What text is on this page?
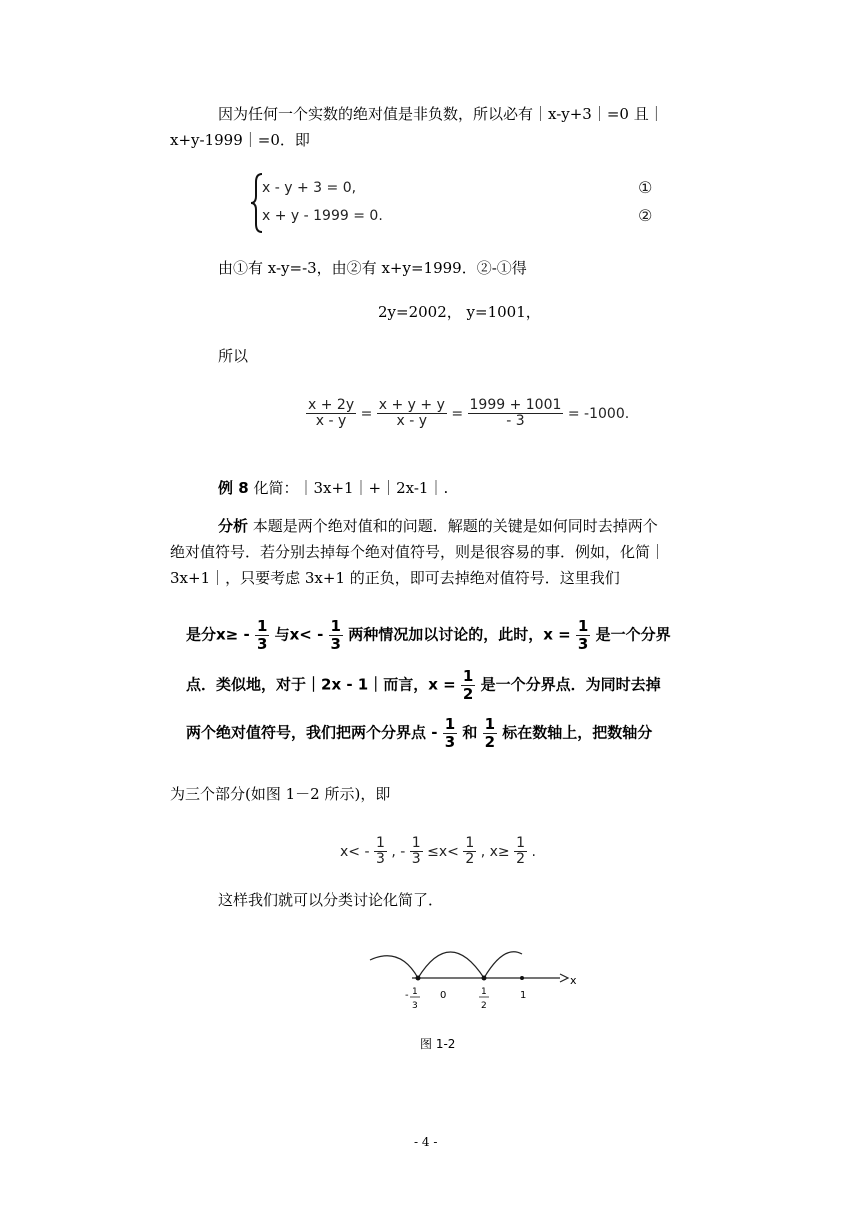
因为任何一个实数的绝对值是非负数，所以必有｜x-y+3｜=0 且｜
x+y-1999｜=0．即
x - y + 3 = 0,
x + y - 1999 = 0.
①
②
由①有 x-y=-3，由②有 x+y=1999．②-①得
2y=2002， y=1001，
所以
$\frac{x + 2y}{x - y} = \frac{x + y + y}{x - y} = \frac{1999 + 1001}{- 3} = -1000$.
例 8 化简：｜3x+1｜+｜2x-1｜.
分析 本题是两个绝对值和的问题．解题的关键是如何同时去掉两个
绝对值符号．若分别去掉每个绝对值符号，则是很容易的事．例如，化简｜
3x+1｜，只要考虑 3x+1 的正负，即可去掉绝对值符号．这里我们
是分$x\ge - \frac{1}{3}$ 与$x< - \frac{1}{3}$ 两种情况加以讨论的，此时，$x = \frac{1}{3}$ 是一个分界
点．类似地，对于｜2x - 1｜而言，$x = \frac{1}{2}$ 是一个分界点．为同时去掉
两个绝对值符号，我们把两个分界点 - $\frac{1}{3}$ 和 $\frac{1}{2}$ 标在数轴上，把数轴分
为三个部分(如图 1－2 所示)，即
$x< - \frac{1}{3}$ , - $\frac{1}{3} \le x< \frac{1}{2}$ , $x\ge \frac{1}{2}$ .
这样我们就可以分类讨论化简了．
x
0	1
- 1
3
1
2
图 1-2
- 4 -
